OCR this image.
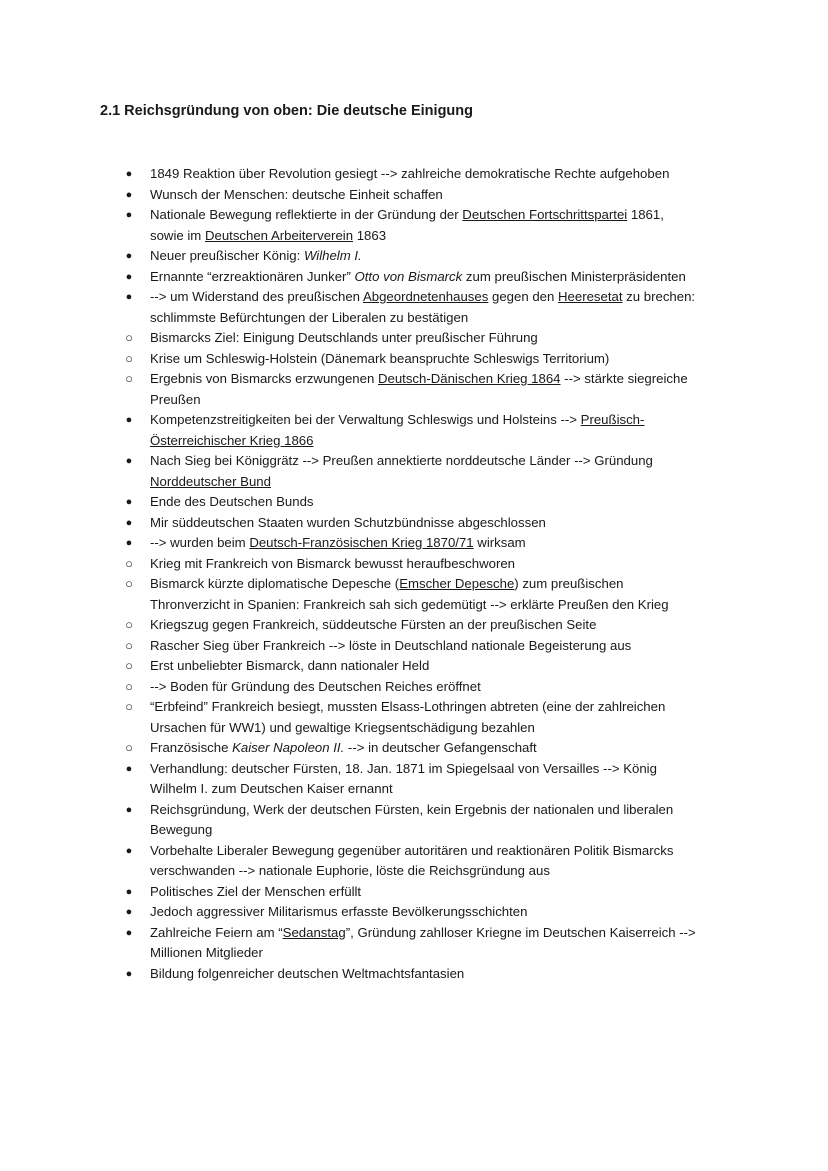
2.1 Reichsgründung von oben: Die deutsche Einigung
● 1849 Reaktion über Revolution gesiegt --> zahlreiche demokratische Rechte aufgehoben
● Wunsch der Menschen: deutsche Einheit schaffen
● Nationale Bewegung reflektierte in der Gründung der Deutschen Fortschrittspartei 1861,
sowie im Deutschen Arbeiterverein 1863
● Neuer preußischer König: Wilhelm I.
● Ernannte “erzreaktionären Junker” Otto von Bismarck zum preußischen Ministerpräsidenten
● --> um Widerstand des preußischen Abgeordnetenhauses gegen den Heeresetat zu brechen:
schlimmste Befürchtungen der Liberalen zu bestätigen
○ Bismarcks Ziel: Einigung Deutschlands unter preußischer Führung
○ Krise um Schleswig-Holstein (Dänemark beanspruchte Schleswigs Territorium)
○ Ergebnis von Bismarcks erzwungenen Deutsch-Dänischen Krieg 1864 --> stärkte siegreiche
Preußen
● Kompetenzstreitigkeiten bei der Verwaltung Schleswigs und Holsteins --> Preußisch-
Österreichischer Krieg 1866
● Nach Sieg bei Königgrätz --> Preußen annektierte norddeutsche Länder --> Gründung
Norddeutscher Bund
● Ende des Deutschen Bunds
● Mir süddeutschen Staaten wurden Schutzbündnisse abgeschlossen
● --> wurden beim Deutsch-Französischen Krieg 1870/71 wirksam
○ Krieg mit Frankreich von Bismarck bewusst heraufbeschworen
○ Bismarck kürzte diplomatische Depesche (Emscher Depesche) zum preußischen
Thronverzicht in Spanien: Frankreich sah sich gedemütigt --> erklärte Preußen den Krieg
○ Kriegszug gegen Frankreich, süddeutsche Fürsten an der preußischen Seite
○ Rascher Sieg über Frankreich --> löste in Deutschland nationale Begeisterung aus
○ Erst unbeliebter Bismarck, dann nationaler Held
○ --> Boden für Gründung des Deutschen Reiches eröffnet
○ “Erbfeind” Frankreich besiegt, mussten Elsass-Lothringen abtreten (eine der zahlreichen
Ursachen für WW1) und gewaltige Kriegsentschädigung bezahlen
○ Französische Kaiser Napoleon II. --> in deutscher Gefangenschaft
● Verhandlung: deutscher Fürsten, 18. Jan. 1871 im Spiegelsaal von Versailles --> König
Wilhelm I. zum Deutschen Kaiser ernannt
● Reichsgründung, Werk der deutschen Fürsten, kein Ergebnis der nationalen und liberalen
Bewegung
● Vorbehalte Liberaler Bewegung gegenüber autoritären und reaktionären Politik Bismarcks
verschwanden --> nationale Euphorie, löste die Reichsgründung aus
● Politisches Ziel der Menschen erfüllt
● Jedoch aggressiver Militarismus erfasste Bevölkerungsschichten
● Zahlreiche Feiern am “Sedanstag”, Gründung zahlloser Kriegne im Deutschen Kaiserreich -->
Millionen Mitglieder
● Bildung folgenreicher deutschen Weltmachtsfantasien
